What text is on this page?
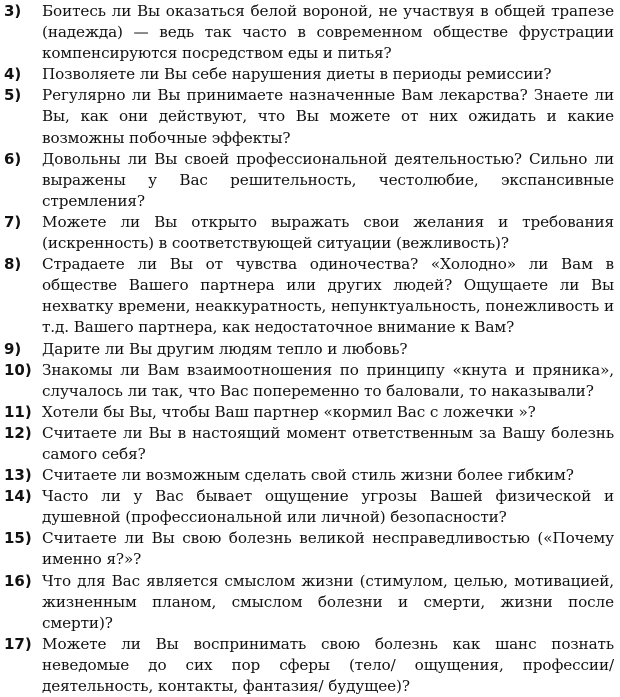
3)	Боитесь ли Вы оказаться белой вороной, не участвуя в общей трапезе (надежда) — ведь так часто в современном обществе фрустрации компенсируются посредством еды и питья?
4)	Позволяете ли Вы себе нарушения диеты в периоды ремиссии?
5)	Регулярно ли Вы принимаете назначенные Вам лекарства? Знаете ли Вы, как они действуют, что Вы можете от них ожидать и какие возможны побочные эффекты?
6)	Довольны ли Вы своей профессиональной деятельностью? Сильно ли выражены у Вас решительность, честолюбие, экспансивные стремления?
7)	Можете ли Вы открыто выражать свои желания и требования (искренность) в соответствующей ситуации (вежливость)?
8)	Страдаете ли Вы от чувства одиночества? «Холодно» ли Вам в обществе Вашего партнера или других людей? Ощущаете ли Вы нехватку времени, неаккуратность, непунктуальность, понежливость и т.д. Вашего партнера, как недостаточное внимание к Вам?
9)	Дарите ли Вы другим людям тепло и любовь?
10) Знакомы ли Вам взаимоотношения по принципу «кнута и пряника», случалось ли так, что Вас попеременно то баловали, то наказывали?
11) Хотели бы Вы, чтобы Ваш партнер «кормил Вас с ложечки »?
12) Считаете ли Вы в настоящий момент ответственным за Вашу болезнь самого себя?
13) Считаете ли возможным сделать свой стиль жизни более гибким?
14) Часто ли у Вас бывает ощущение угрозы Вашей физической и душевной (профессиональной или личной) безопасности?
15) Считаете ли Вы свою болезнь великой несправедливостью («Почему именно я?»?
16) Что для Вас является смыслом жизни (стимулом, целью, мотивацией, жизненным планом, смыслом болезни и смерти, жизни после смерти)?
17) Можете ли Вы воспринимать свою болезнь как шанс познать неведомые до сих пор сферы (тело/ ощущения, профессии/ деятельность, контакты, фантазия/ будущее)?
